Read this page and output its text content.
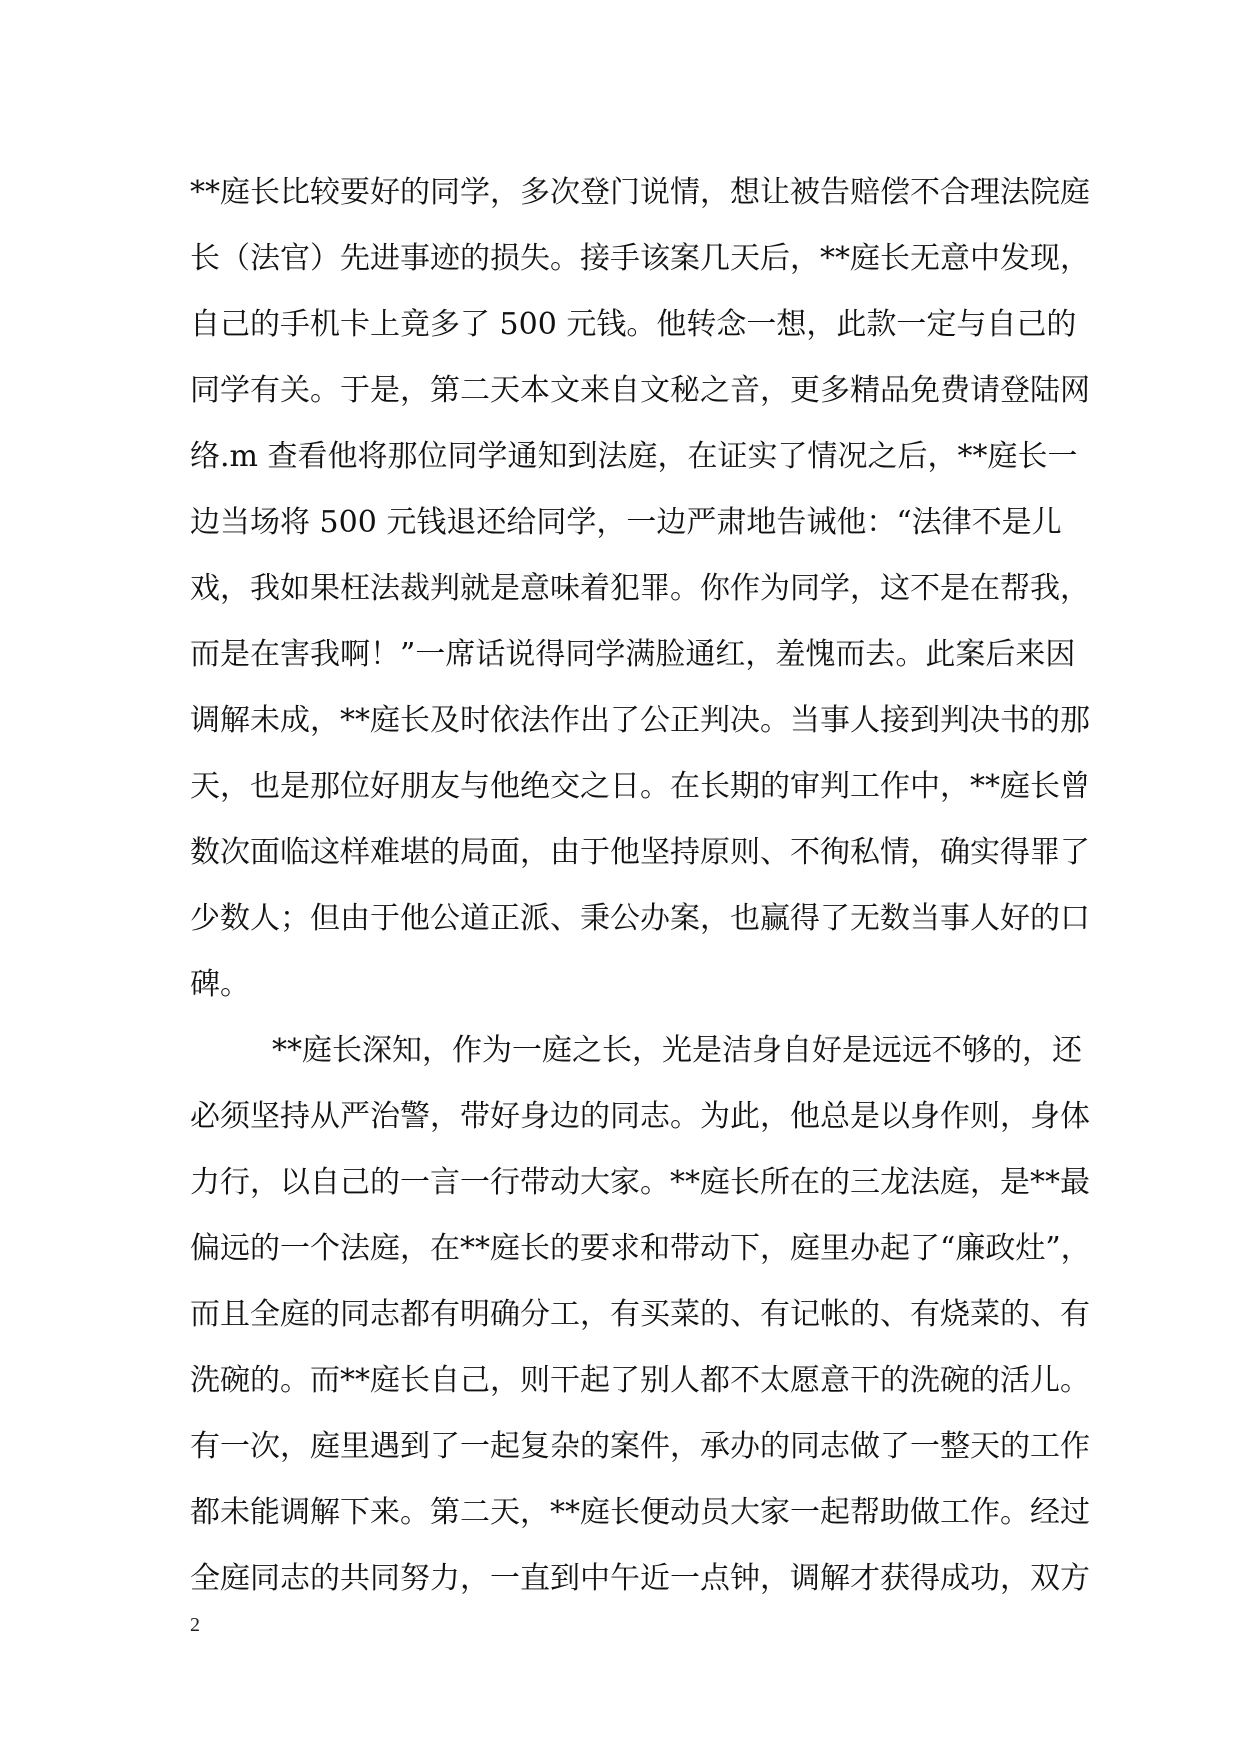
**庭长比较要好的同学，多次登门说情，想让被告赔偿不合理法院庭
长（法官）先进事迹的损失。接手该案几天后，**庭长无意中发现，
自己的手机卡上竟多了 500 元钱。他转念一想，此款一定与自己的
同学有关。于是，第二天本文来自文秘之音，更多精品免费请登陆网
络.m 查看他将那位同学通知到法庭，在证实了情况之后，**庭长一
边当场将 500 元钱退还给同学，一边严肃地告诫他：“法律不是儿
戏，我如果枉法裁判就是意味着犯罪。你作为同学，这不是在帮我，
而是在害我啊！”一席话说得同学满脸通红，羞愧而去。此案后来因
调解未成，**庭长及时依法作出了公正判决。当事人接到判决书的那
天，也是那位好朋友与他绝交之日。在长期的审判工作中，**庭长曾
数次面临这样难堪的局面，由于他坚持原则、不徇私情，确实得罪了
少数人；但由于他公道正派、秉公办案，也赢得了无数当事人好的口
碑。
**庭长深知，作为一庭之长，光是洁身自好是远远不够的，还
必须坚持从严治警，带好身边的同志。为此，他总是以身作则，身体
力行，以自己的一言一行带动大家。**庭长所在的三龙法庭，是**最
偏远的一个法庭，在**庭长的要求和带动下，庭里办起了“廉政灶”，
而且全庭的同志都有明确分工，有买菜的、有记帐的、有烧菜的、有
洗碗的。而**庭长自己，则干起了别人都不太愿意干的洗碗的活儿。
有一次，庭里遇到了一起复杂的案件，承办的同志做了一整天的工作
都未能调解下来。第二天，**庭长便动员大家一起帮助做工作。经过
全庭同志的共同努力，一直到中午近一点钟，调解才获得成功，双方
2
